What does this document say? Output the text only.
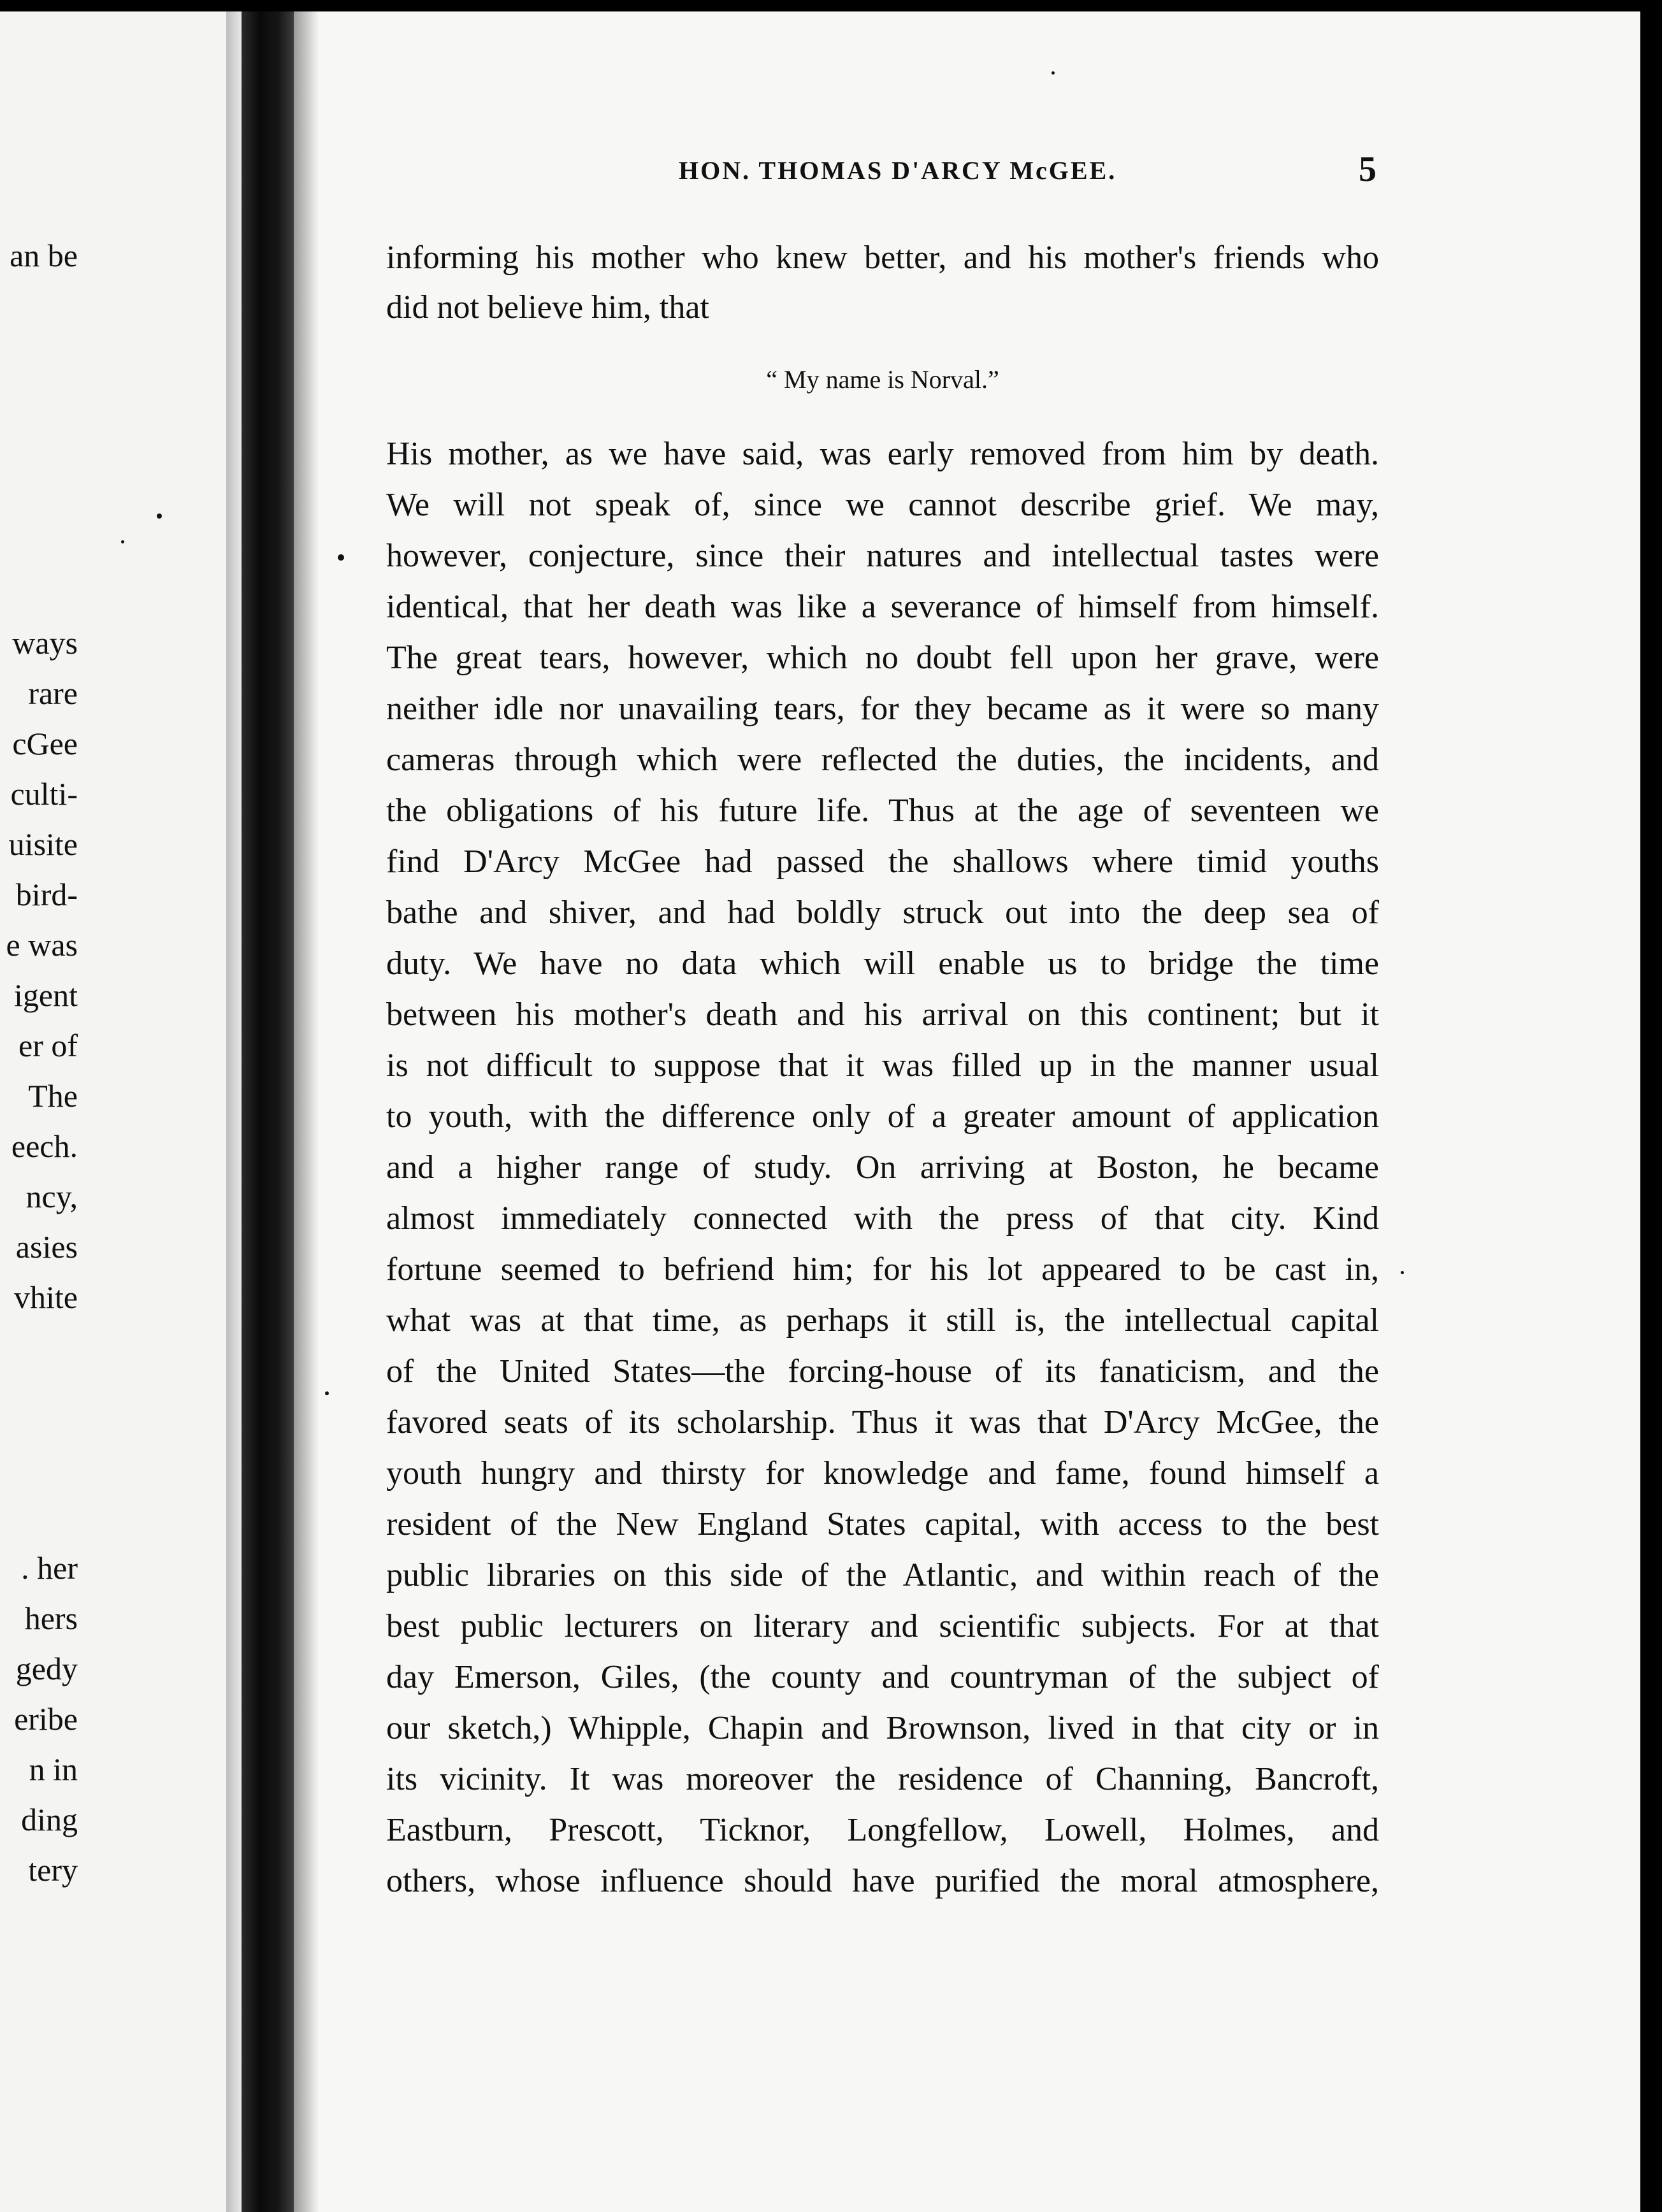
an be
ways
rare
cGee
culti-
uisite
bird-
e was
igent
er of
The
eech.
ncy,
asies
vhite
. her
hers
gedy
eribe
n in
ding
tery
HON. THOMAS D'ARCY McGEE.	5
informing his mother who knew better, and his mother's friends who
did not believe him, that
“ My name is Norval.”
His mother, as we have said, was early removed from him by death.
We will not speak of, since we cannot describe grief. We may,
however, conjecture, since their natures and intellectual tastes were
identical, that her death was like a severance of himself from himself.
The great tears, however, which no doubt fell upon her grave, were
neither idle nor unavailing tears, for they became as it were so many
cameras through which were reflected the duties, the incidents, and
the obligations of his future life. Thus at the age of seventeen we
find D'Arcy McGee had passed the shallows where timid youths
bathe and shiver, and had boldly struck out into the deep sea of
duty. We have no data which will enable us to bridge the time
between his mother's death and his arrival on this continent; but it
is not difficult to suppose that it was filled up in the manner usual
to youth, with the difference only of a greater amount of application
and a higher range of study. On arriving at Boston, he became
almost immediately connected with the press of that city. Kind
fortune seemed to befriend him; for his lot appeared to be cast in,
what was at that time, as perhaps it still is, the intellectual capital
of the United States—the forcing-house of its fanaticism, and the
favored seats of its scholarship. Thus it was that D'Arcy McGee, the
youth hungry and thirsty for knowledge and fame, found himself a
resident of the New England States capital, with access to the best
public libraries on this side of the Atlantic, and within reach of the
best public lecturers on literary and scientific subjects. For at that
day Emerson, Giles, (the county and countryman of the subject of
our sketch,) Whipple, Chapin and Brownson, lived in that city or in
its vicinity. It was moreover the residence of Channing, Bancroft,
Eastburn, Prescott, Ticknor, Longfellow, Lowell, Holmes, and
others, whose influence should have purified the moral atmosphere,
